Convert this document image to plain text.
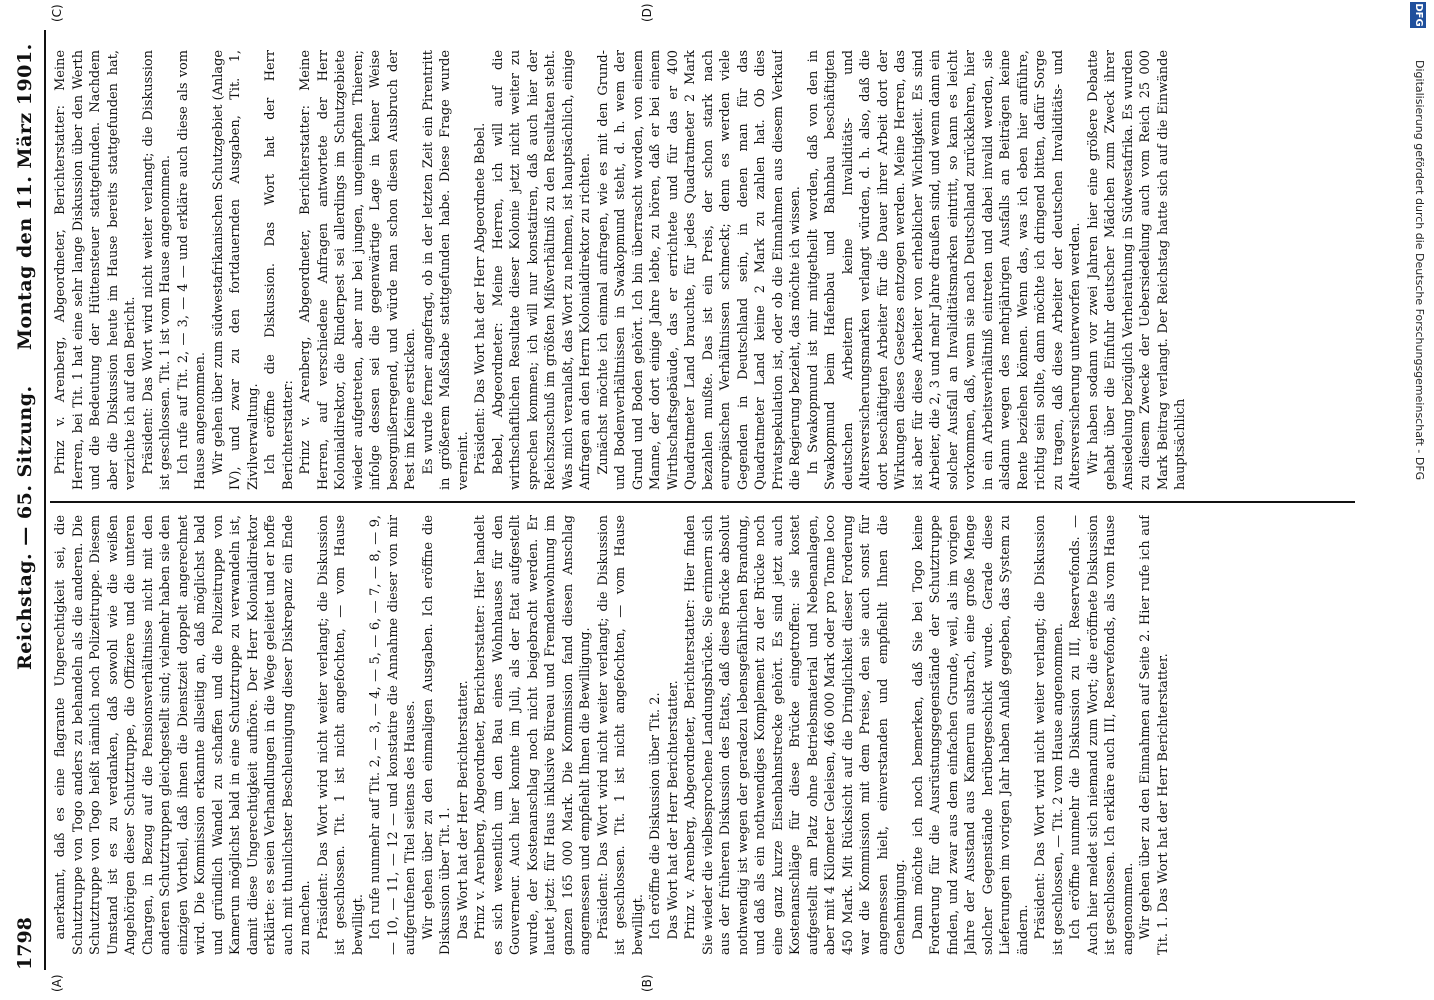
1798
Reichstag. — 65. Sitzung.
Montag den 11. März 1901.
(A)	(B)
(C)	(D)

anerkannt, daß es eine flagrante Ungerechtigkeit sei, die Schutztruppe von Togo anders zu behandeln als die anderen. Die Schutztruppe von Togo heißt nämlich noch Polizeitruppe. Diesem Umstand ist es zu verdanken, daß sowohl wie die weißen Angehörigen dieser Schutztruppe, die Offiziere und die unteren Chargen, in Bezug auf die Pensionsverhältnisse nicht mit den anderen Schutztruppen gleichgestellt sind; vielmehr haben sie den einzigen Vortheil, daß ihnen die Dienstzeit doppelt angerechnet wird. Die Kommission erkannte allseitig an, daß möglichst bald und gründlich Wandel zu schaffen und die Polizeitruppe von Kamerun möglichst bald in eine Schutztruppe zu verwandeln ist, damit diese Ungerechtigkeit aufhöre. Der Herr Kolonialdirektor erklärte: es seien Verhandlungen in die Wege geleitet und er hoffe auch mit thunlichster Beschleunigung dieser Diskrepanz ein Ende zu machen. Präsident: Das Wort wird nicht weiter verlangt; die Diskussion ist geschlossen. Tit. 1 ist nicht angefochten, — vom Hause bewilligt. Ich rufe nunmehr auf Tit. 2, — 3, — 4, — 5, — 6, — 7, — 8, — 9, — 10, — 11, — 12 — und konstatire die Annahme dieser von mir aufgerufenen Titel seitens des Hauses. Wir gehen über zu den einmaligen Ausgaben. Ich eröffne die Diskussion über Tit. 1. Das Wort hat der Herr Berichterstatter. Prinz v. Arenberg, Abgeordneter, Berichterstatter: Hier handelt es sich wesentlich um den Bau eines Wohnhauses für den Gouverneur. Auch hier konnte im Juli, als der Etat aufgestellt wurde, der Kostenanschlag noch nicht beigebracht werden. Er lautet jetzt: für Haus inklusive Büreau und Fremdenwohnung im ganzen 165 000 Mark. Die Kommission fand diesen Anschlag angemessen und empfiehlt Ihnen die Bewilligung. Präsident: Das Wort wird nicht weiter verlangt; die Diskussion ist geschlossen. Tit. 1 ist nicht angefochten, — vom Hause bewilligt. Ich eröffne die Diskussion über Tit. 2. Das Wort hat der Herr Berichterstatter. Prinz v. Arenberg, Abgeordneter, Berichterstatter: Hier finden Sie wieder die vielbesprochene Landungsbrücke. Sie erinnern sich aus der früheren Diskussion des Etats, daß diese Brücke absolut nothwendig ist wegen der geradezu lebensgefährlichen Brandung, und daß als ein nothwendiges Komplement zu der Brücke noch eine ganz kurze Eisenbahnstrecke gehört. Es sind jetzt auch Kostenanschläge für diese Brücke eingetroffen: sie kostet aufgestellt am Platz ohne Betriebsmaterial und Nebenanlagen, aber mit 4 Kilometer Geleisen, 466 000 Mark oder pro Tonne loco 450 Mark. Mit Rücksicht auf die Dringlichkeit dieser Forderung war die Kommission mit dem Preise, den sie auch sonst für angemessen hielt, einverstanden und empfiehlt Ihnen die Genehmigung. Dann möchte ich noch bemerken, daß Sie bei Togo keine Forderung für die Ausrüstungsgegenstände der Schutztruppe finden, und zwar aus dem einfachen Grunde, weil, als im vorigen Jahre der Ausstand aus Kamerun ausbrach, eine große Menge solcher Gegenstände herübergeschickt wurde. Gerade diese Lieferungen im vorigen Jahr haben Anlaß gegeben, das System zu ändern. Präsident: Das Wort wird nicht weiter verlangt; die Diskussion ist geschlossen, — Tit. 2 vom Hause angenommen. Ich eröffne nunmehr die Diskussion zu III, Reservefonds. — Auch hier meldet sich niemand zum Wort; die eröffnete Diskussion ist geschlossen. Ich erkläre auch III, Reservefonds, als vom Hause angenommen. Wir gehen über zu den Einnahmen auf Seite 2. Hier rufe ich auf Tit. 1. Das Wort hat der Herr Berichterstatter.

Prinz v. Arenberg, Abgeordneter, Berichterstatter: Meine Herren, bei Tit. 1 hat eine sehr lange Diskussion über den Werth und die Bedeutung der Hüttensteuer stattgefunden. Nachdem aber die Diskussion heute im Hause bereits stattgefunden hat, verzichte ich auf den Bericht. Präsident: Das Wort wird nicht weiter verlangt; die Diskussion ist geschlossen. Tit. 1 ist vom Hause angenommen. Ich rufe auf Tit. 2, — 3, — 4 — und erkläre auch diese als vom Hause angenommen. Wir gehen über zum südwestafrikanischen Schutzgebiet (Anlage IV), und zwar zu den fortdauernden Ausgaben, Tit. 1, Zivilverwaltung. Ich eröffne die Diskussion. Das Wort hat der Herr Berichterstatter: Prinz v. Arenberg, Abgeordneter, Berichterstatter: Meine Herren, auf verschiedene Anfragen antwortete der Herr Kolonialdirektor, die Rinderpest sei allerdings im Schutzgebiete wieder aufgetreten, aber nur bei jungen, ungeimpften Thieren; infolge dessen sei die gegenwärtige Lage in keiner Weise besorgnißerregend, und würde man schon diesen Ausbruch der Pest im Keime ersticken. Es wurde ferner angefragt, ob in der letzten Zeit ein Pirentritt in größerem Maßstabe stattgefunden habe. Diese Frage wurde verneint. Präsident: Das Wort hat der Herr Abgeordnete Bebel. Bebel, Abgeordneter: Meine Herren, ich will auf die wirthschaftlichen Resultate dieser Kolonie jetzt nicht weiter zu sprechen kommen; ich will nur konstatiren, daß auch hier der Reichszuschuß im größten Mißverhältniß zu den Resultaten steht. Was mich veranlaßt, das Wort zu nehmen, ist hauptsächlich, einige Anfragen an den Herrn Kolonialdirektor zu richten. Zunächst möchte ich einmal anfragen, wie es mit den Grund- und Bodenverhältnissen in Swakopmund steht, d. h. wem der Grund und Boden gehört. Ich bin überrascht worden, von einem Manne, der dort einige Jahre lebte, zu hören, daß er bei einem Wirthschaftsgebäude, das er errichtete und für das er 400 Quadratmeter Land brauchte, für jedes Quadratmeter 2 Mark bezahlen mußte. Das ist ein Preis, der schon stark nach europäischen Verhältnissen schmeckt; denn es werden viele Gegenden in Deutschland sein, in denen man für das Quadratmeter Land keine 2 Mark zu zahlen hat. Ob dies Privatspekulation ist, oder ob die Einnahmen aus diesem Verkauf die Regierung bezieht, das möchte ich wissen. In Swakopmund ist mir mitgetheilt worden, daß von den in Swakopmund beim Hafenbau und Bahnbau beschäftigten deutschen Arbeitern keine Invaliditäts- und Altersversicherungsmarken verlangt würden, d. h. also, daß die dort beschäftigten Arbeiter für die Dauer ihrer Arbeit dort der Wirkungen dieses Gesetzes entzogen werden. Meine Herren, das ist aber für diese Arbeiter von erheblicher Wichtigkeit. Es sind Arbeiter, die 2, 3 und mehr Jahre draußen sind, und wenn dann ein solcher Ausfall an Invaliditätsmarken eintritt, so kann es leicht vorkommen, daß, wenn sie nach Deutschland zurückkehren, hier in ein Arbeitsverhältniß eintreten und dabei invalid werden, sie alsdann wegen des mehrjährigen Ausfalls an Beiträgen keine Rente beziehen können. Wenn das, was ich eben hier anführe, richtig sein sollte, dann möchte ich dringend bitten, dafür Sorge zu tragen, daß diese Arbeiter der deutschen Invaliditäts- und Altersversicherung unterworfen werden. Wir haben sodann vor zwei Jahren hier eine größere Debatte gehabt über die Einfuhr deutscher Mädchen zum Zweck ihrer Ansiedelung bezüglich Verheirathung in Südwestafrika. Es wurden zu diesem Zwecke der Uebersiedelung auch vom Reich 25 000 Mark Beitrag verlangt. Der Reichstag hatte sich auf die Einwände hauptsächlich

DFG
Digitalisierung gefördert durch die Deutsche Forschungsgemeinschaft - DFG
